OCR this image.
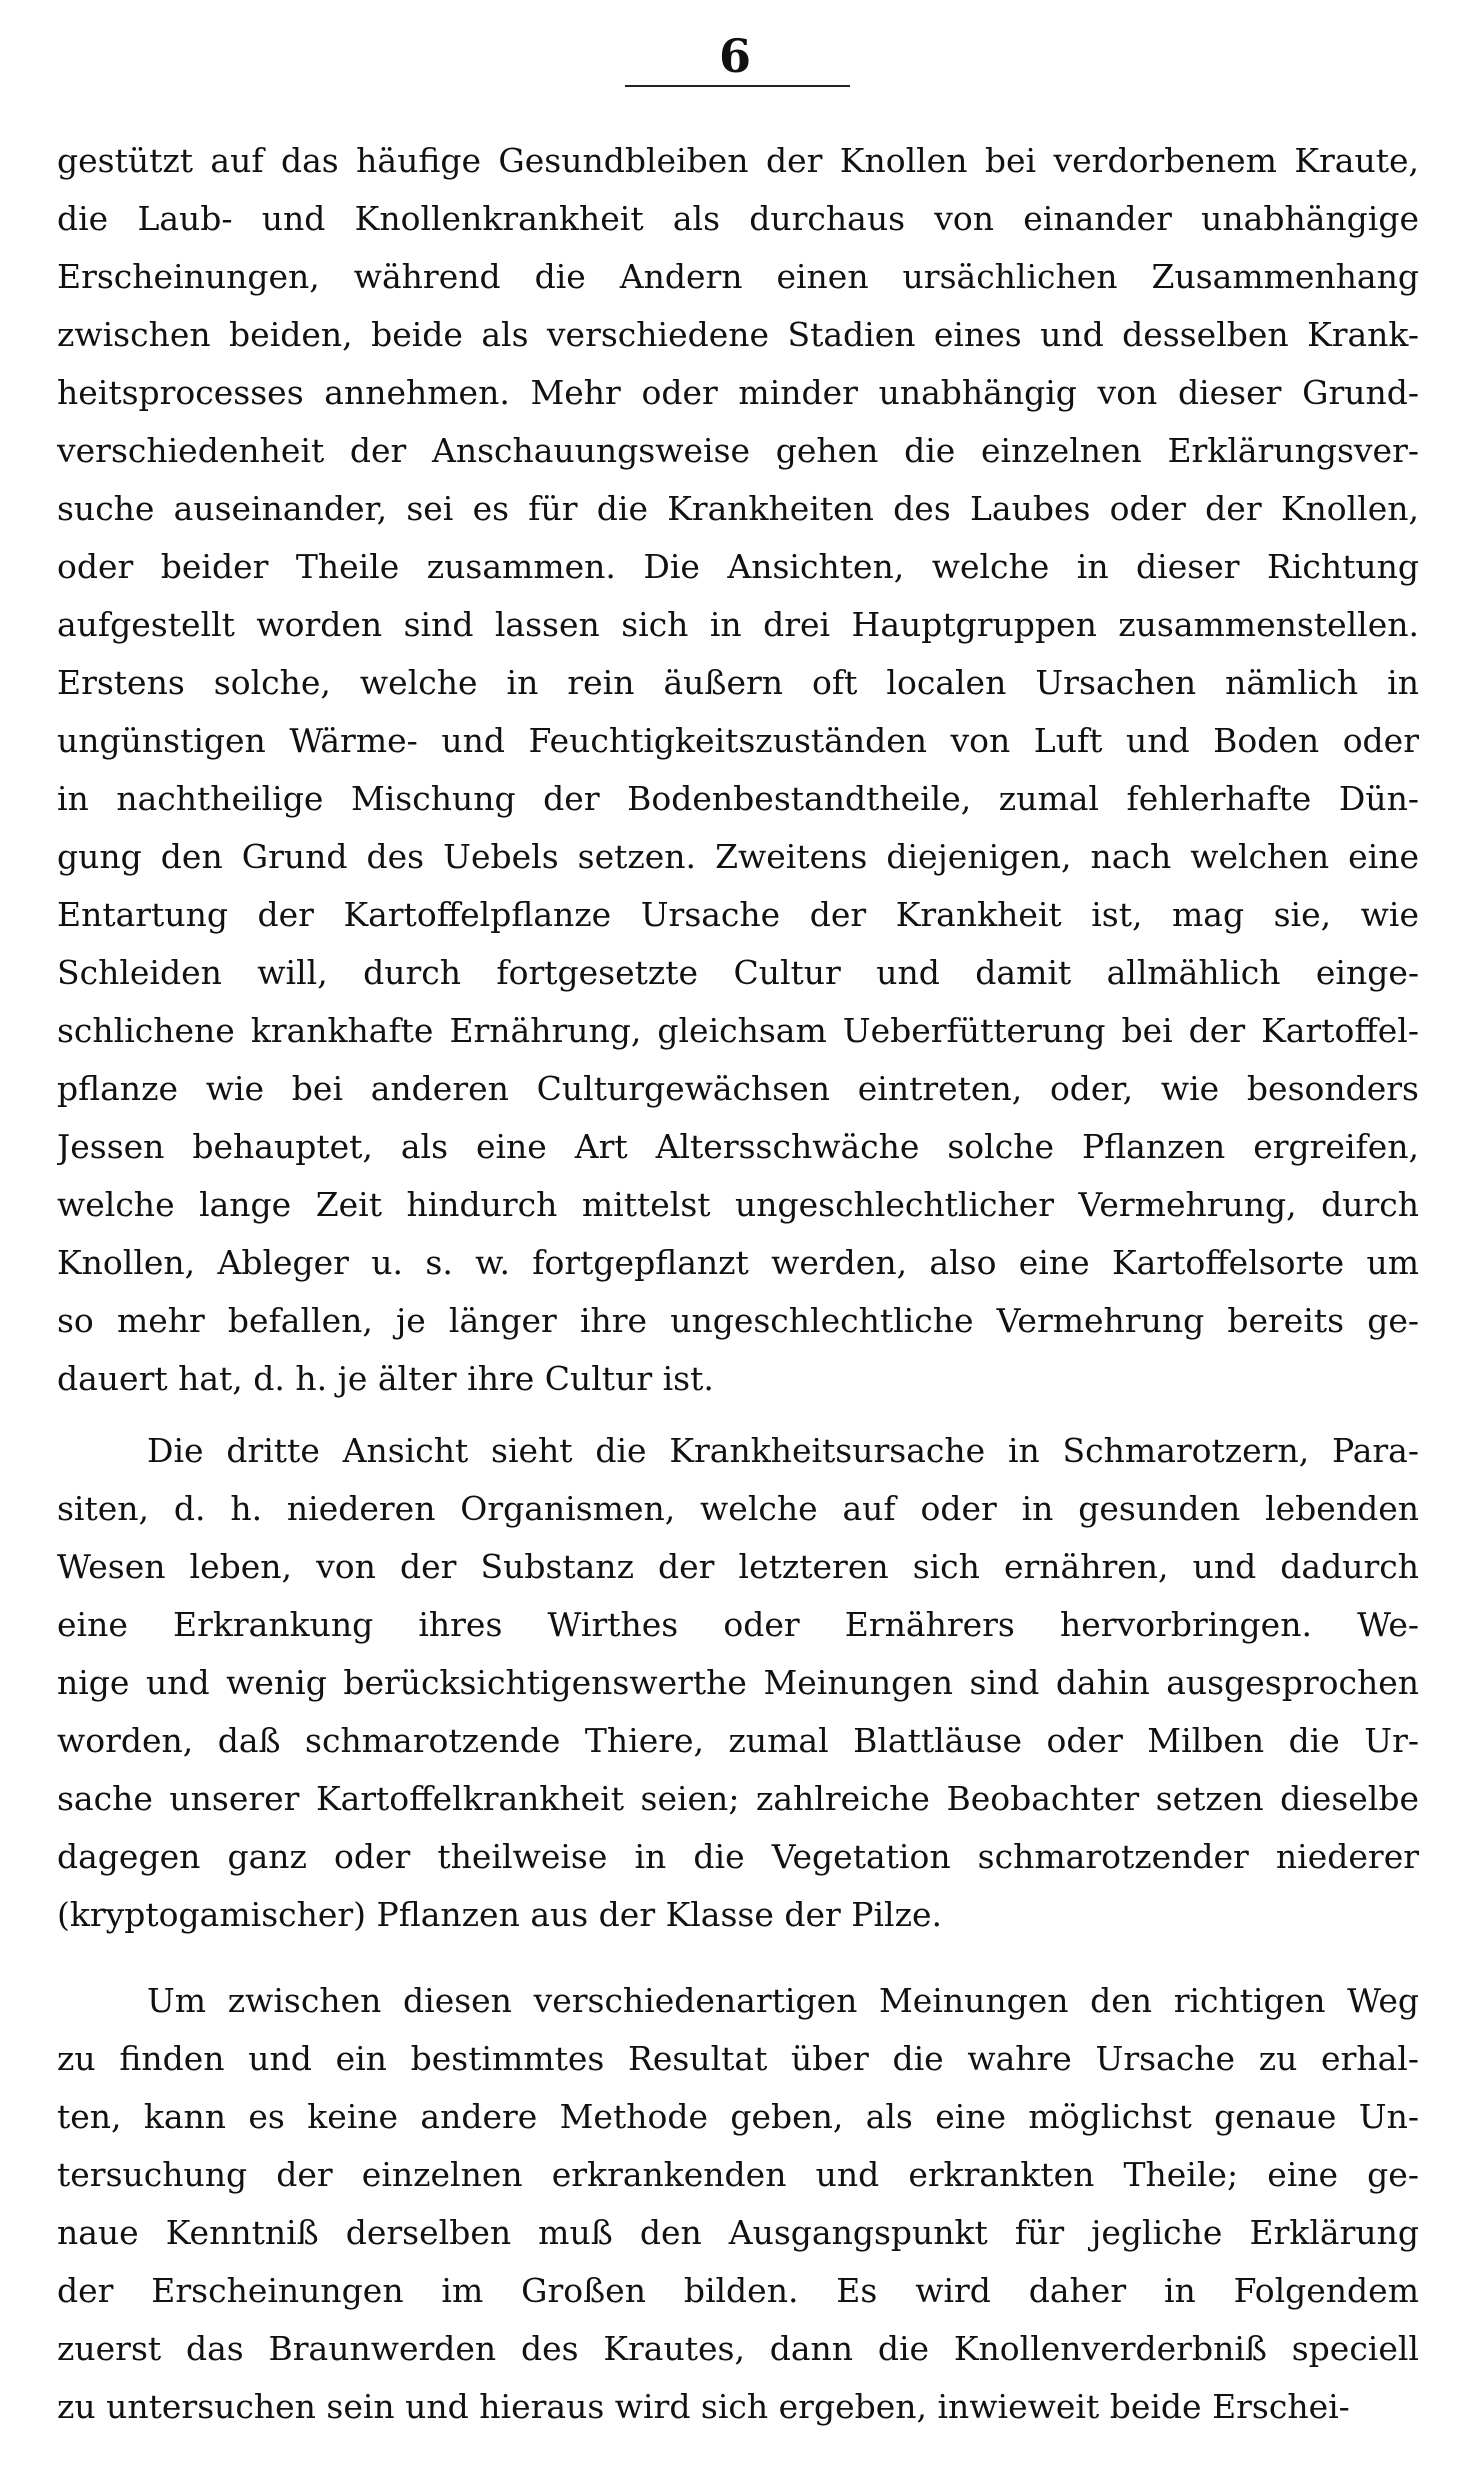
6
gestützt auf das häufige Gesundbleiben der Knollen bei verdorbenem Kraute,
die Laub- und Knollenkrankheit als durchaus von einander unabhängige
Erscheinungen, während die Andern einen ursächlichen Zusammenhang
zwischen beiden, beide als verschiedene Stadien eines und desselben Krank-
heitsprocesses annehmen. Mehr oder minder unabhängig von dieser Grund-
verschiedenheit der Anschauungsweise gehen die einzelnen Erklärungsver-
suche auseinander, sei es für die Krankheiten des Laubes oder der Knollen,
oder beider Theile zusammen. Die Ansichten, welche in dieser Richtung
aufgestellt worden sind lassen sich in drei Hauptgruppen zusammenstellen.
Erstens solche, welche in rein äußern oft localen Ursachen nämlich in
ungünstigen Wärme- und Feuchtigkeitszuständen von Luft und Boden oder
in nachtheilige Mischung der Bodenbestandtheile, zumal fehlerhafte Dün-
gung den Grund des Uebels setzen. Zweitens diejenigen, nach welchen eine
Entartung der Kartoffelpflanze Ursache der Krankheit ist, mag sie, wie
Schleiden will, durch fortgesetzte Cultur und damit allmählich einge-
schlichene krankhafte Ernährung, gleichsam Ueberfütterung bei der Kartoffel-
pflanze wie bei anderen Culturgewächsen eintreten, oder, wie besonders
Jessen behauptet, als eine Art Altersschwäche solche Pflanzen ergreifen,
welche lange Zeit hindurch mittelst ungeschlechtlicher Vermehrung, durch
Knollen, Ableger u. s. w. fortgepflanzt werden, also eine Kartoffelsorte um
so mehr befallen, je länger ihre ungeschlechtliche Vermehrung bereits ge-
dauert hat, d. h. je älter ihre Cultur ist.
Die dritte Ansicht sieht die Krankheitsursache in Schmarotzern, Para-
siten, d. h. niederen Organismen, welche auf oder in gesunden lebenden
Wesen leben, von der Substanz der letzteren sich ernähren, und dadurch
eine Erkrankung ihres Wirthes oder Ernährers hervorbringen. We-
nige und wenig berücksichtigenswerthe Meinungen sind dahin ausgesprochen
worden, daß schmarotzende Thiere, zumal Blattläuse oder Milben die Ur-
sache unserer Kartoffelkrankheit seien; zahlreiche Beobachter setzen dieselbe
dagegen ganz oder theilweise in die Vegetation schmarotzender niederer
(kryptogamischer) Pflanzen aus der Klasse der Pilze.
Um zwischen diesen verschiedenartigen Meinungen den richtigen Weg
zu finden und ein bestimmtes Resultat über die wahre Ursache zu erhal-
ten, kann es keine andere Methode geben, als eine möglichst genaue Un-
tersuchung der einzelnen erkrankenden und erkrankten Theile; eine ge-
naue Kenntniß derselben muß den Ausgangspunkt für jegliche Erklärung
der Erscheinungen im Großen bilden. Es wird daher in Folgendem
zuerst das Braunwerden des Krautes, dann die Knollenverderbniß speciell
zu untersuchen sein und hieraus wird sich ergeben, inwieweit beide Erschei-
